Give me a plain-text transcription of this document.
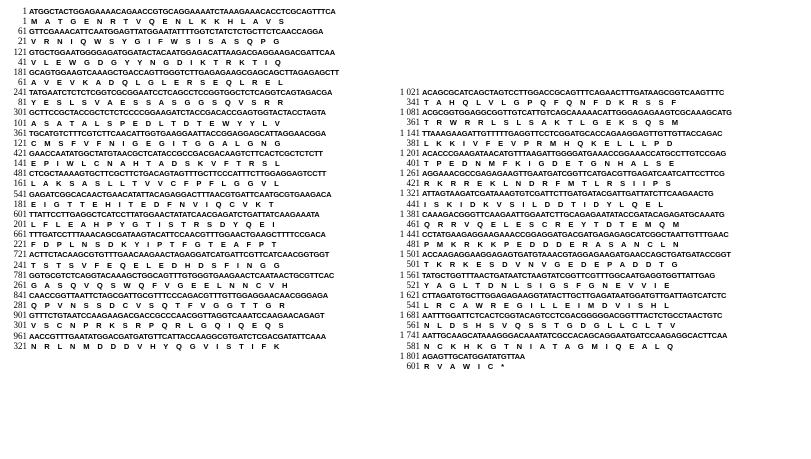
1 ATGGCTACTGGAGAAAACAGAACCGTGCAGGAAAATCTAAAGAAACACCTCGCAGTTTCA
1 M A T G E N R T V Q E N L K K H L A V S
61 GTTCGAAACATTCAATGGAGTTATGGAATATTTTGGTCTATCTCTGCTTCTCAACCAGGA
21 V R N I Q W S Y G I F W S I S A S Q P G
121 GTGCTGGAATGGGGAGATGGATACTACAATGGAGACATTAAGACGAGGAAGACGATTCAA
41 V L E W G D G Y Y N G D I K T R K T I Q
181 GCAGTGGAAGTCAAAGCTGACCAGTTGGGTCTTGAGAGAAGCGAGCAGCTTAGAGAGCTT
61 A V E V K A D Q L G L E R S E Q L R E L
241 TATGAATCTCTCTCGGTCGCGGAATCCTCAGCCTCCGGTGGCTCTCAGGTCAGTAGACGA
81 Y E S L S V A E S S A S G G S Q V S R R
301 GCTTCCGCTACCGCTCTCTCCCCGGAAGATCTACCGACACCGAGTGGTACTACCTAGTA
101 A S A T A L S P E D L T D T E W Y Y L V
361 TGCATGTCTTTCGTCTTCAACATTGGTGAAGGAATTACCGGAGGAGCATTAGGAACGGA
121 C M S F V F N I G E G I T G G A L G N G
421 GAACCAATATGGCTATGTAACGCTCATACCGCCGACGACAAGTCTTCACTCGCTCTCTT
141 E P I W L C N A H T A D S K V F T R S L
481 CTCGCTAAAAGTGCTTCGCTTCTGACAGTAGTTTGCTTCCCATTTCTTGGAGGAGTCCTT
161 L A K S A S L L T V V C F P F L G G V L
541 GAGATCGGCACAACTGAACATATTACAGAGGACTTTAACGTGATTCAATGCGTGAAGACA
181 E I G T T E H I T E D F N V I Q C V K T
601 TTATTCCTTGAGGCTCATCCTTATGGAACTATATCAACGAGATCTGATTATCAAGAAATA
201 L F L E A H P Y G T I S T R S D Y Q E I
661 TTTGATCCTTTAAACAGCGATAAGTACATTCCAACGTTTGGAACTGAAGCTTTTCCGACA
221 F D P L N S D K Y I P T F G T E A F P T
721 ACTTCTACAAGCGTGTTTGAACAAGAACTAGAGGATCATGATTCGTTCATCAACGGTGGT
241 T S T S V F E Q E L E D H D S F I N G G
781 GGTGCGTCTCAGGTACAAAGCTGGCAGTTTGTGGGTGAAGAACTCAATAACTGCGTTCAC
261 G A S Q V Q S W Q F V G E E L N N C V H
841 CAACCGGTTAATTCTAGCGATTGCGTTTCCCAGACGTTTGTTGGAGGAACAACGGGAGA
281 Q P V N S S D C V S Q T F V G G T T G R
901 GTTTCTGTAATCCAAGAAGACGACCGCCCAACGGTTAGGTCAAATCCAAGAACAGAGT
301 V S C N P R K S R P Q R L G Q I Q E Q S
961 AACCGTTTGAATATGGACGATGATGTTCATTACCAAGGCGTGATCTCGACGATATTCAAA
321 N R L N M D D D V H Y Q G V I S T I F K
1 021 ACAGCGCATCAGCTAGTCCTTGGACCGCAGTTTCAGAACTTTGATAAGCGGTCAAGTTTC
341 T A H Q L V L G P Q F Q N F D K R S S F
1 081 ACGCGGTGGAGGCGGTTGTCATTGTCAGCAAAAACATTGGGAGAGAAGTCGCAAAGCATG
361 T R W R R L S L S A K T L G E K S Q S M
1 141 TTAAAGAAGATTGTTTTTGAGGTTCCTCGGATGCACCAGAAGGAGTTGTTGTTACCAGAC
381 L K K I V F E V P R M H Q K E L L L P D
1 201 ACACCCGAAGATAACATGTTTAAGATTGGGGATGAAACCGGAAACCATGCCTTGTCCGAG
401 T P E D N M F K I G D E T G N H A L S E
1 261 AGGAAACGCCGAGAGAAGTTGAATGATCGGTTCATGACGTTGAGATCAATCATTCCTTCG
421 R K R R E K L N D R F M T L R S I I P S
1 321 ATTAGTAAGATCGATAAAGTGTCGATTCTTGATGATACGATTGATTATCTTCAAGAACTG
441 I S K I D K V S I L D D T I D Y L Q E L
1 381 CAAAGACGGGTTCAAGAATTGGAATCTTGCAGAGAATATACCGATACAGAGATGCAAATG
461 Q R R V Q E L E S C R E Y T D T E M Q M
1 441 CCTATGAAGAGGAAGAAACCGGAGGATGACGATGAGAGAGCATCGGCTAATTGTTTGAAC
481 P M K R K K P E D D D E R A S A N C L N
1 501 ACCAAGAGGAAGGAGAGTGATGTAAACGTAGGAGAAGATGAACCAGCTGATGATACCGGT
501 T K R K E S D V N V G E D E P A D D T G
1 561 TATGCTGGTTTAACTGATAATCTAAGTATCGGTTCGTTTGGCAATGAGGTGGTTATTGAG
521 Y A G L T D N L S I G S F G N E V V I E
1 621 CTTAGATGTGCTTGGAGAGAAGGTATACTTGCTTGAGATAATGGATGTTGATTAGTCATCTC
541 L R C A W R E G I L L E I M D V I S H L
1 681 AATTTGGATTCTCACTCGGTACAGTCCTCGACGGGGGACGGTTTACTCTGCCTAACTGTC
561 N L D S H S V Q S S T G D G L L C L T V
1 741 AATTGCAAGCATAAAGGGACAAATATCGCCACAGCAGGAATGATCCAAGAGGCACTTCAA
581 N C K H K G T N I A T A G M I Q E A L Q
1 801 AGAGTTGCATGGATATGTTAA
601 R V A W I C *
